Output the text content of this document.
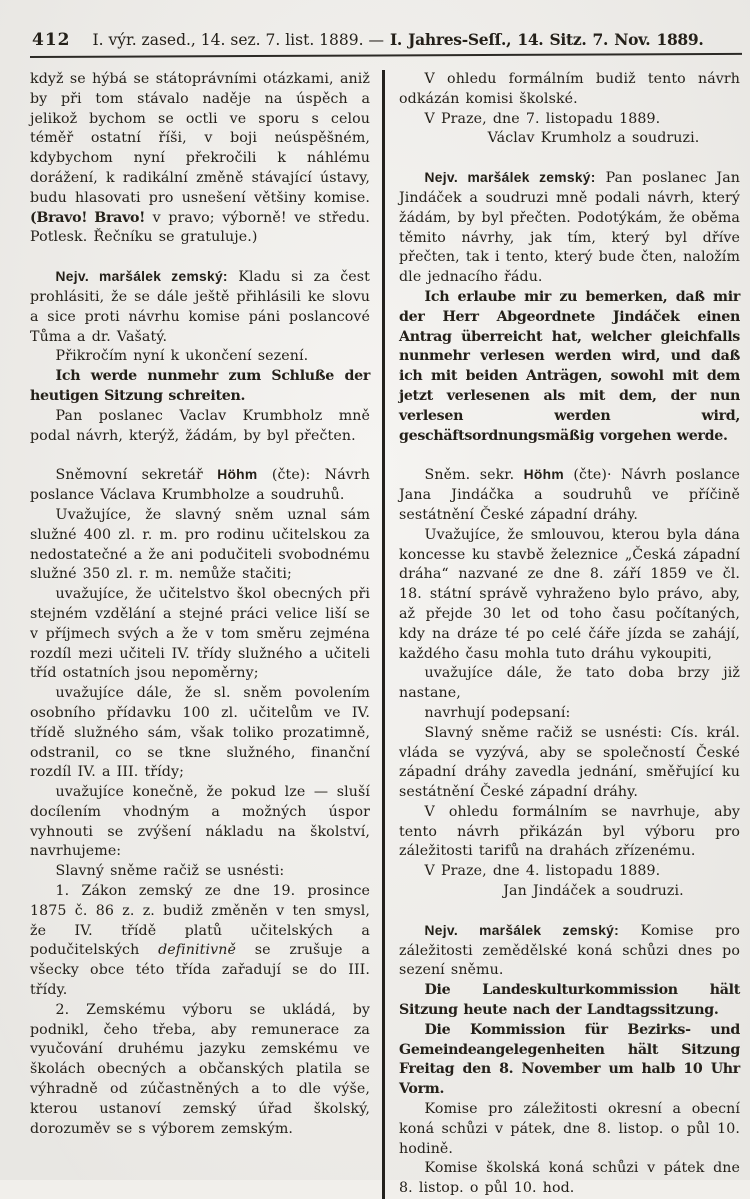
412 I. výr. zased., 14. sez. 7. list. 1889. — I. Jahres-Seſſ., 14. Sitz. 7. Nov. 1889.

když se hýbá se státoprávními otázkami, aniž by při tom stávalo naděje na úspěch a jelikož bychom se octli ve sporu s celou téměř ostatní říši, v boji neúspěšném, kdybychom nyní překročili k náhlému dorážení, k radikální změně stávající ústavy, budu hlasovati pro usnešení většiny komise. (Bravo! Bravo! v pravo; výborně! ve středu. Potlesk. Řečníku se gratuluje.)

Nejv. maršálek zemský: Kladu si za čest prohlásiti, že se dále ještě přihlásili ke slovu a sice proti návrhu komise páni poslancové Tůma a dr. Vašatý.

Přikročím nyní k ukončení sezení.

Ich werde nunmehr zum Schluße der heutigen Sitzung schreiten.

Pan poslanec Vaclav Krumbholz mně podal návrh, kterýž, žádám, by byl přečten.

Sněmovní sekretář Höhm (čte): Návrh poslance Václava Krumbholze a soudruhů.

Uvažujíce, že slavný sněm uznal sám služné 400 zl. r. m. pro rodinu učitelskou za nedostatečné a že ani podučiteli svobodnému služné 350 zl. r. m. nemůže stačiti;

uvažujíce, že učitelstvo škol obecných při stejném vzdělání a stejné práci velice liší se v příjmech svých a že v tom směru zejména rozdíl mezi učiteli IV. třídy služného a učiteli tříd ostatních jsou nepoměrny;

uvažujíce dále, že sl. sněm povolením osobního přídavku 100 zl. učitelům ve IV. třídě služného sám, však toliko prozatimně, odstranil, co se tkne služného, finanční rozdíl IV. a III. třídy;

uvažujíce konečně, že pokud lze — sluší docílením vhodným a možných úspor vyhnouti se zvýšení nákladu na školství, navrhujeme:

Slavný sněme račiž se usnésti:

1. Zákon zemský ze dne 19. prosince 1875 č. 86 z. z. budiž změněn v ten smysl, že IV. třídě platů učitelských a podučitelských definitivně se zrušuje a všecky obce této třída zařadují se do III. třídy.

2. Zemskému výboru se ukládá, by podnikl, čeho třeba, aby remunerace za vyučování druhému jazyku zemskému ve školách obecných a občanských platila se výhradně od zúčastněných a to dle výše, kterou ustanoví zemský úřad školský, dorozuměv se s výborem zemským.

V ohledu formálním budiž tento návrh odkázán komisi školské.

V Praze, dne 7. listopadu 1889.

Václav Krumholz a soudruzi.

Nejv. maršálek zemský: Pan poslanec Jan Jindáček a soudruzi mně podali návrh, který žádám, by byl přečten. Podotýkám, že oběma těmito návrhy, jak tím, který byl dříve přečten, tak i tento, který bude čten, naložím dle jednacího řádu.

Ich erlaube mir zu bemerken, daß mir der Herr Abgeordnete Jindáček einen Antrag überreicht hat, welcher gleichfalls nunmehr verlesen werden wird, und daß ich mit beiden Anträgen, sowohl mit dem jetzt verlesenen als mit dem, der nun verlesen werden wird, geschäftsordnungsmäßig vorgehen werde.

Sněm. sekr. Höhm (čte)· Návrh poslance Jana Jindáčka a soudruhů ve příčině sestátnění České západní dráhy.

Uvažujíce, že smlouvou, kterou byla dána koncesse ku stavbě železnice „Česká západní dráha“ nazvané ze dne 8. září 1859 ve čl. 18. státní správě vyhraženo bylo právo, aby, až přejde 30 let od toho času počítaných, kdy na dráze té po celé čáře jízda se zahájí, každého času mohla tuto dráhu vykoupiti,

uvažujíce dále, že tato doba brzy již nastane,

navrhují podepsaní:

Slavný sněme račiž se usnésti: Cís. král. vláda se vyzývá, aby se společností České západní dráhy zavedla jednání, směřující ku sestátnění České západní dráhy.

V ohledu formálním se navrhuje, aby tento návrh přikázán byl výboru pro záležitosti tarifů na drahách zřízenému.

V Praze, dne 4. listopadu 1889.

Jan Jindáček a soudruzi.

Nejv. maršálek zemský: Komise pro záležitosti zemědělské koná schůzi dnes po sezení sněmu.

Die Landeskulturkommission hält Sitzung heute nach der Landtagssitzung.

Die Kommission für Bezirks- und Gemeindeangelegenheiten hält Sitzung Freitag den 8. November um halb 10 Uhr Vorm.

Komise pro záležitosti okresní a obecní koná schůzi v pátek, dne 8. listop. o půl 10. hodině.

Komise školská koná schůzi v pátek dne 8. listop. o půl 10. hod.
